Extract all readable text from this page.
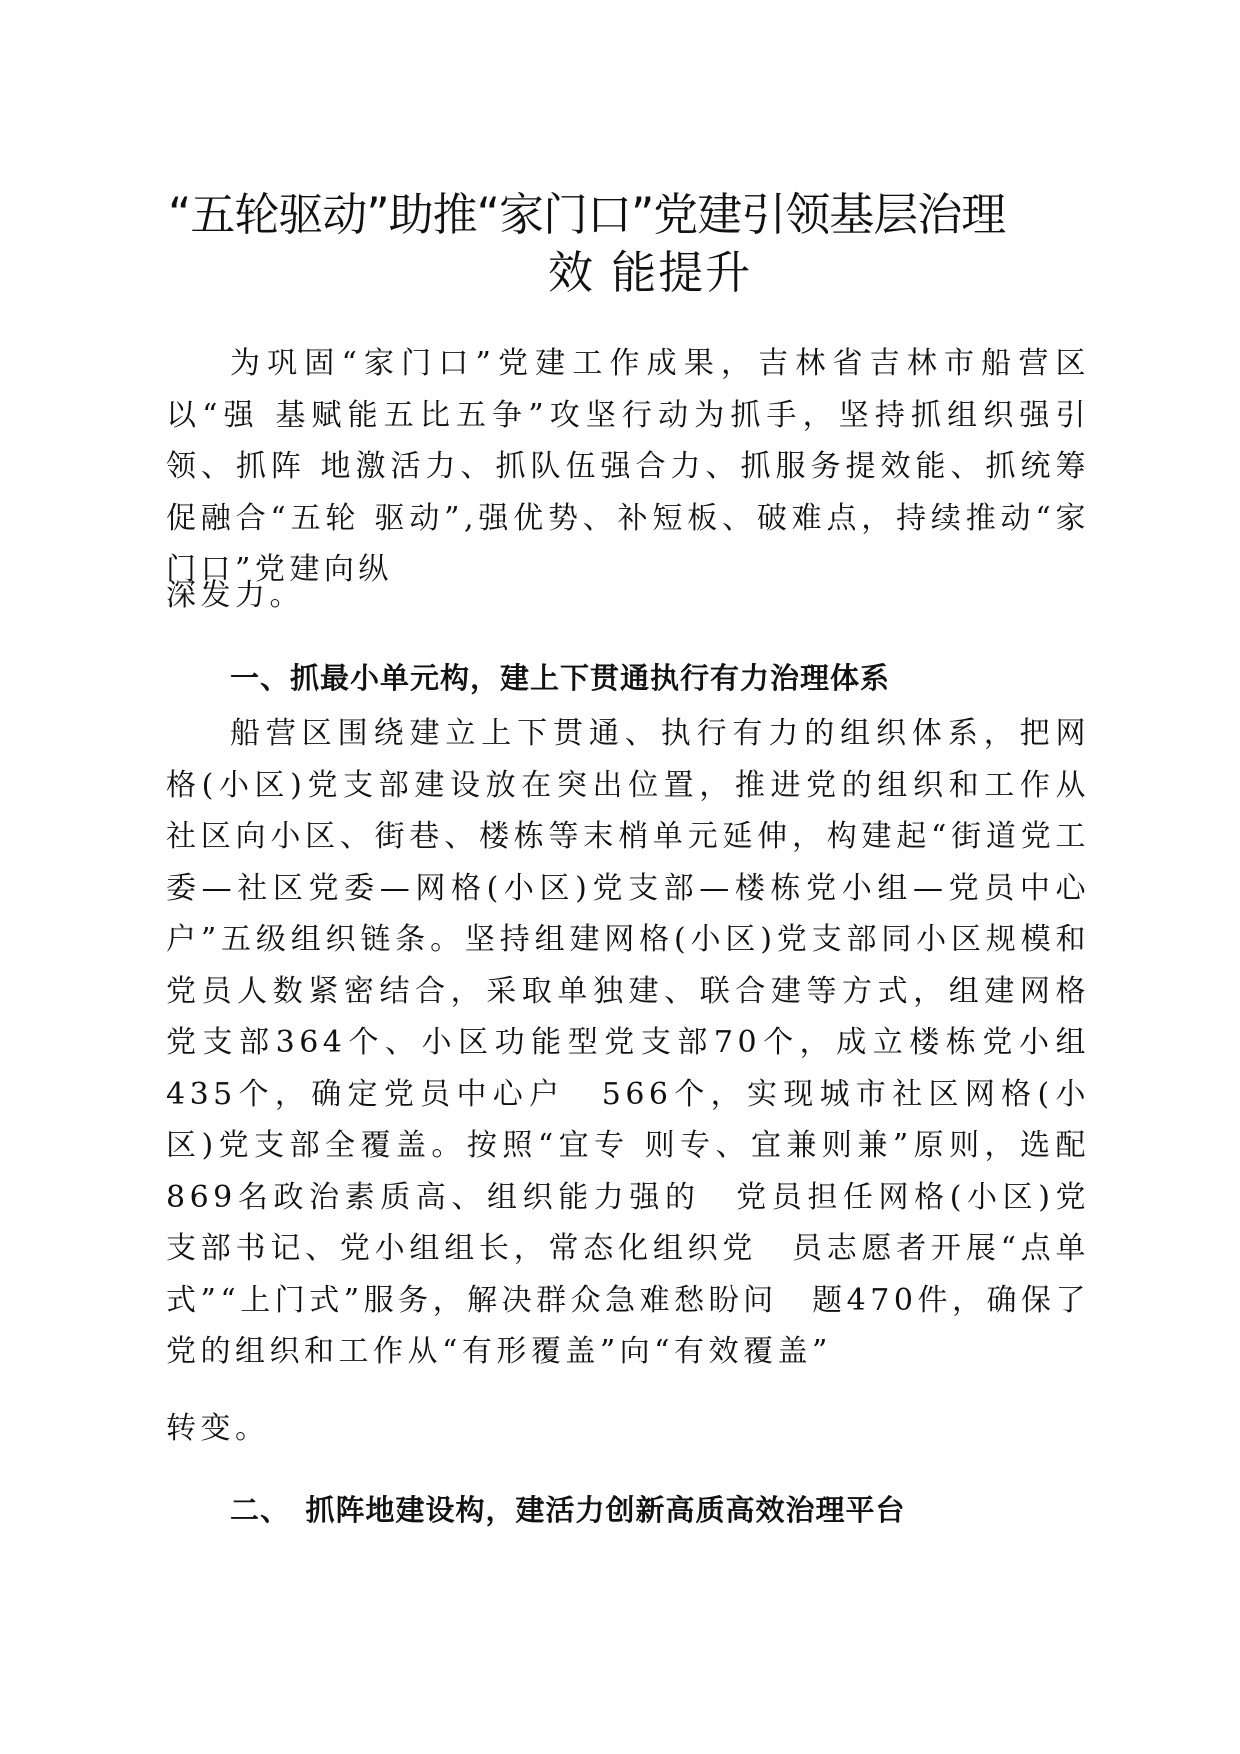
“五轮驱动”助推“家门口”党建引领基层治理
效 能提升

为巩固“家门口”党建工作成果，吉林省吉林市船营区以“强 基赋能五比五争”攻坚行动为抓手，坚持抓组织强引领、抓阵 地激活力、抓队伍强合力、抓服务提效能、抓统筹促融合“五轮 驱动”,强优势、补短板、破难点，持续推动“家门口”党建向纵

深发力。

一、抓最小单元构，建上下贯通执行有力治理体系

船营区围绕建立上下贯通、执行有力的组织体系，把网格(小区)党支部建设放在突出位置，推进党的组织和工作从社区向小区、街巷、楼栋等末梢单元延伸，构建起“街道党工委—社区党委—网格(小区)党支部—楼栋党小组—党员中心户”五级组织链条。坚持组建网格(小区)党支部同小区规模和党员人数紧密结合，采取单独建、联合建等方式，组建网格党支部364个、小区功能型党支部70个，成立楼栋党小组435个，确定党员中心户　566个，实现城市社区网格(小区)党支部全覆盖。按照“宜专 则专、宜兼则兼”原则，选配869名政治素质高、组织能力强的　党员担任网格(小区)党支部书记、党小组组长，常态化组织党　员志愿者开展“点单式”“上门式”服务，解决群众急难愁盼问　题470件，确保了党的组织和工作从“有形覆盖”向“有效覆盖”

转变。

二、　抓阵地建设构，建活力创新高质高效治理平台
